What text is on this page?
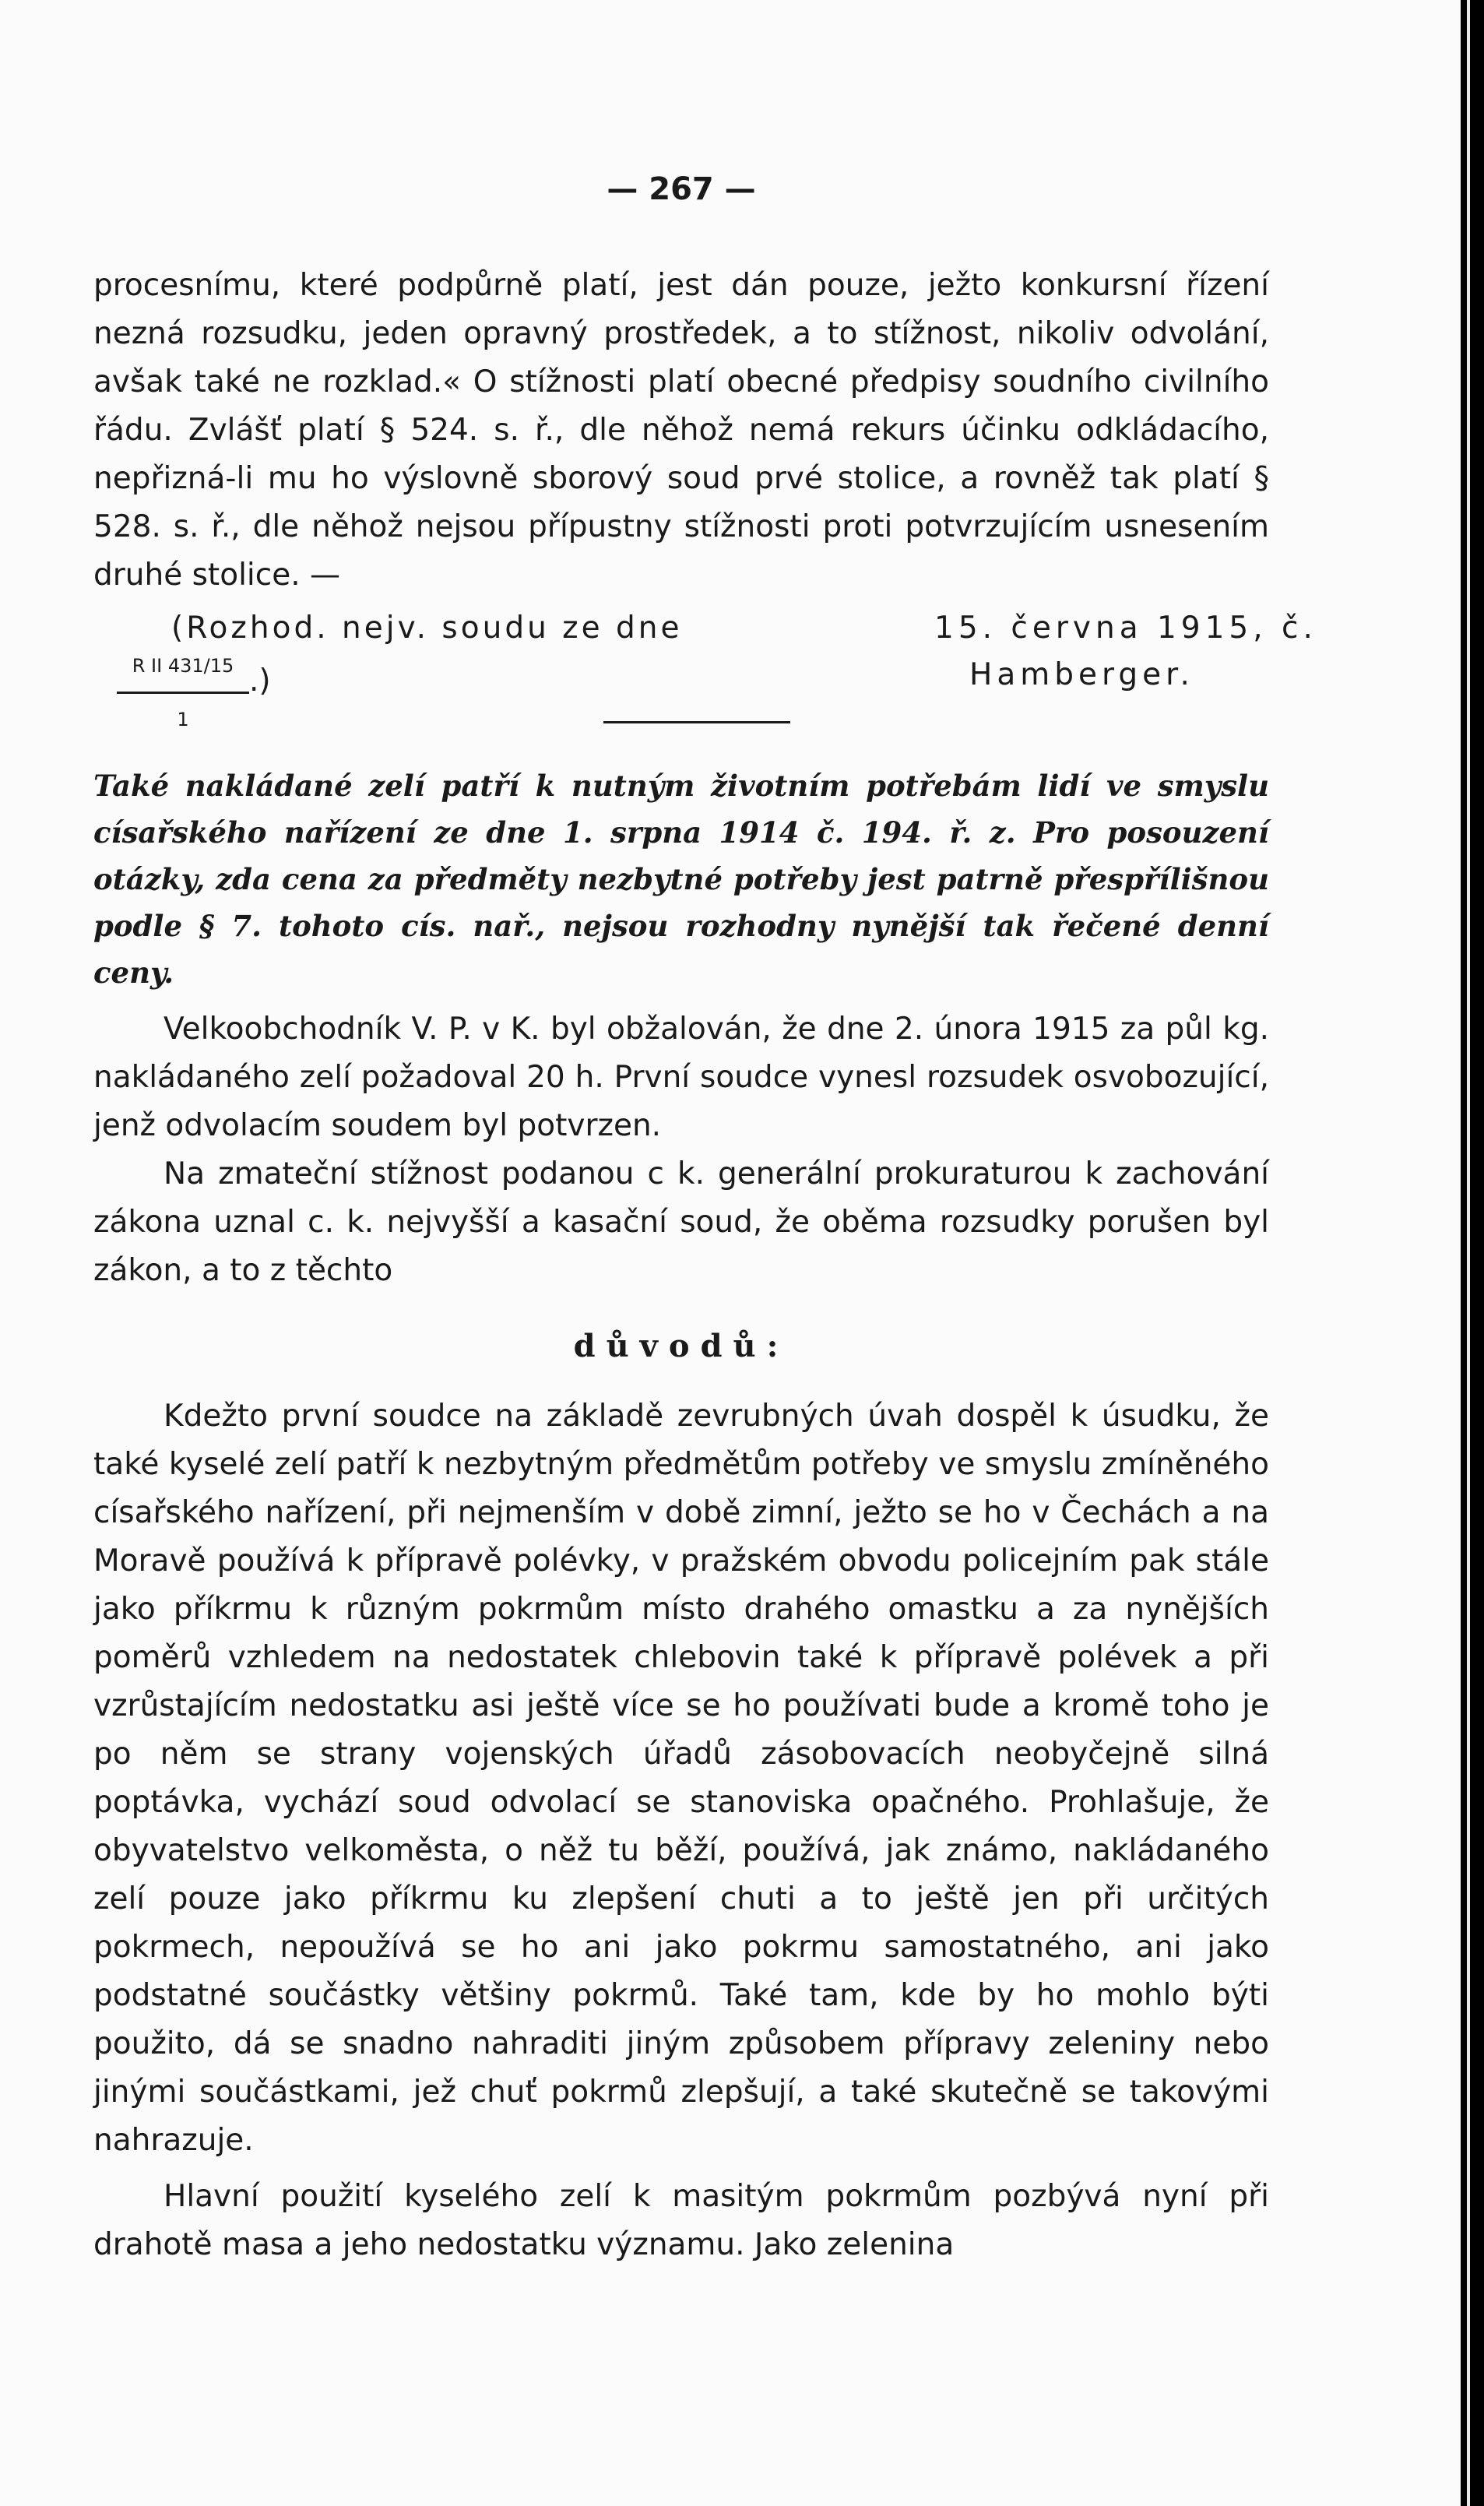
— 267 —

procesnímu, které podpůrně platí, jest dán pouze, ježto konkursní řízení nezná rozsudku, jeden opravný prostředek, a to stížnost, nikoliv odvolání, avšak také ne rozklad.« O stížnosti platí obecné předpisy soudního civilního řádu. Zvlášť platí § 524. s. ř., dle něhož nemá rekurs účinku odkládacího, nepřizná-li mu ho výslovně sborový soud prvé stolice, a rovněž tak platí § 528. s. ř., dle něhož nejsou přípustny stížnosti proti potvrzujícím usnesením druhé stolice. —

(Rozhod. nejv. soudu ze dne	15. června 1915, č.
$\frac{\text{R II 431/15}}{1}$ .)	Hamberger.

Také nakládané zelí patří k nutným životním potřebám lidí ve smyslu císařského nařízení ze dne 1. srpna 1914 č. 194. ř. z. Pro posouzení otázky, zda cena za předměty nezbytné potřeby jest patrně přespřílišnou podle § 7. tohoto cís. nař., nejsou rozhodny nynější tak řečené denní ceny.

Velkoobchodník V. P. v K. byl obžalován, že dne 2. února 1915 za půl kg. nakládaného zelí požadoval 20 h. První soudce vynesl rozsudek osvobozující, jenž odvolacím soudem byl potvrzen.

Na zmateční stížnost podanou c k. generální prokuraturou k zachování zákona uznal c. k. nejvyšší a kasační soud, že oběma rozsudky porušen byl zákon, a to z těchto

důvodů:

Kdežto první soudce na základě zevrubných úvah dospěl k úsudku, že také kyselé zelí patří k nezbytným předmětům potřeby ve smyslu zmíněného císařského nařízení, při nejmenším v době zimní, ježto se ho v Čechách a na Moravě používá k přípravě polévky, v pražském obvodu policejním pak stále jako příkrmu k různým pokrmům místo drahého omastku a za nynějších poměrů vzhledem na nedostatek chlebovin také k přípravě polévek a při vzrůstajícím nedostatku asi ještě více se ho používati bude a kromě toho je po něm se strany vojenských úřadů zásobovacích neobyčejně silná poptávka, vychází soud odvolací se stanoviska opačného. Prohlašuje, že obyvatelstvo velkoměsta, o něž tu běží, používá, jak známo, nakládaného zelí pouze jako příkrmu ku zlepšení chuti a to ještě jen při určitých pokrmech, nepoužívá se ho ani jako pokrmu samostatného, ani jako podstatné součástky většiny pokrmů. Také tam, kde by ho mohlo býti použito, dá se snadno nahraditi jiným způsobem přípravy zeleniny nebo jinými součástkami, jež chuť pokrmů zlepšují, a také skutečně se takovými nahrazuje.

Hlavní použití kyselého zelí k masitým pokrmům pozbývá nyní při drahotě masa a jeho nedostatku významu. Jako zelenina
